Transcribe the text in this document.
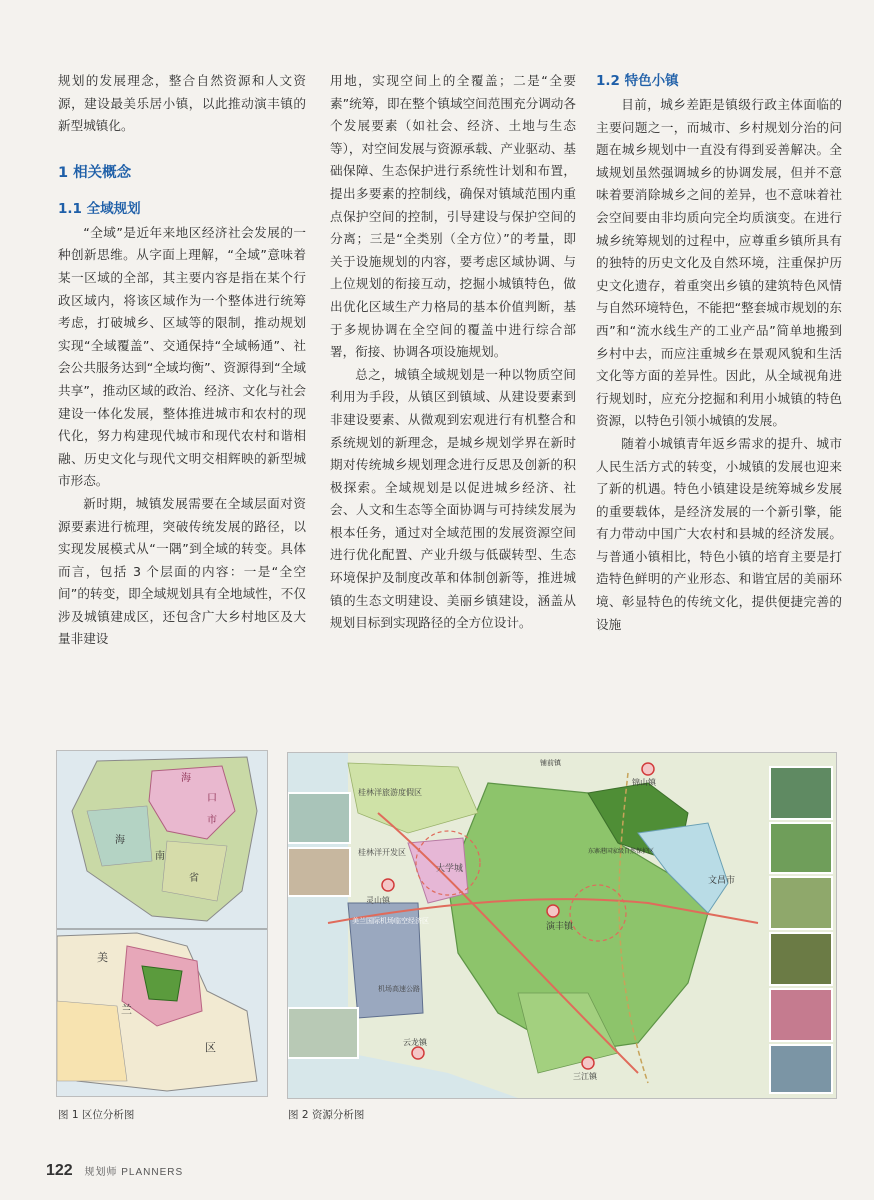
规划的发展理念，整合自然资源和人文资源，建设最美乐居小镇，以此推动演丰镇的新型城镇化。

1 相关概念
1.1 全域规划

“全域”是近年来地区经济社会发展的一种创新思维。从字面上理解，“全域”意味着某一区域的全部，其主要内容是指在某个行政区域内，将该区域作为一个整体进行统筹考虑，打破城乡、区域等的限制，推动规划实现“全域覆盖”、交通保持“全域畅通”、社会公共服务达到“全域均衡”、资源得到“全域共享”，推动区域的政治、经济、文化与社会建设一体化发展，整体推进城市和农村的现代化，努力构建现代城市和现代农村和谐相融、历史文化与现代文明交相辉映的新型城市形态。

新时期，城镇发展需要在全域层面对资源要素进行梳理，突破传统发展的路径，以实现发展模式从“一隅”到全域的转变。具体而言，包括 3 个层面的内容：一是“全空间”的转变，即全域规划具有全地域性，不仅涉及城镇建成区，还包含广大乡村地区及大量非建设

用地，实现空间上的全覆盖；二是“全要素”统筹，即在整个镇域空间范围充分调动各个发展要素（如社会、经济、土地与生态等），对空间发展与资源承载、产业驱动、基础保障、生态保护进行系统性计划和布置，提出多要素的控制线，确保对镇域范围内重点保护空间的控制，引导建设与保护空间的分离；三是“全类别（全方位）”的考量，即关于设施规划的内容，要考虑区域协调、与上位规划的衔接互动，挖掘小城镇特色，做出优化区域生产力格局的基本价值判断，基于多规协调在全空间的覆盖中进行综合部署，衔接、协调各项设施规划。

总之，城镇全域规划是一种以物质空间利用为手段，从镇区到镇域、从建设要素到非建设要素、从微观到宏观进行有机整合和系统规划的新理念，是城乡规划学界在新时期对传统城乡规划理念进行反思及创新的积极探索。全域规划是以促进城乡经济、社会、人文和生态等全面协调与可持续发展为根本任务，通过对全域范围的发展资源空间进行优化配置、产业升级与低碳转型、生态环境保护及制度改革和体制创新等，推进城镇的生态文明建设、美丽乡镇建设，涵盖从规划目标到实现路径的全方位设计。

1.2 特色小镇

目前，城乡差距是镇级行政主体面临的主要问题之一，而城市、乡村规划分治的问题在城乡规划中一直没有得到妥善解决。全域规划虽然强调城乡的协调发展，但并不意味着要消除城乡之间的差异，也不意味着社会空间要由非均质向完全均质演变。在进行城乡统筹规划的过程中，应尊重乡镇所具有的独特的历史文化及自然环境，注重保护历史文化遗存，着重突出乡镇的建筑特色风情与自然环境特色，不能把“整套城市规划的东西”和“流水线生产的工业产品”简单地搬到乡村中去，而应注重城乡在景观风貌和生活文化等方面的差异性。因此，从全域视角进行规划时，应充分挖掘和利用小城镇的特色资源，以特色引领小城镇的发展。

随着小城镇青年返乡需求的提升、城市人民生活方式的转变，小城镇的发展也迎来了新的机遇。特色小镇建设是统筹城乡发展的重要载体，是经济发展的一个新引擎，能有力带动中国广大农村和县城的经济发展。与普通小镇相比，特色小镇的培育主要是打造特色鲜明的产业形态、和谐宜居的美丽环境、彰显特色的传统文化，提供便捷完善的设施

海
口
市
海
南
省
美
兰
区
桂林洋旅游度假区
桂林洋开发区
大学城
灵山镇
美兰国际机场临空经济区
演丰镇
文昌市
锦山镇
铺前镇
三江镇
云龙镇
东寨港国家级自然保护区
机场高速公路
图 1 区位分析图	图 2 资源分析图
122 规划师 PLANNERS
